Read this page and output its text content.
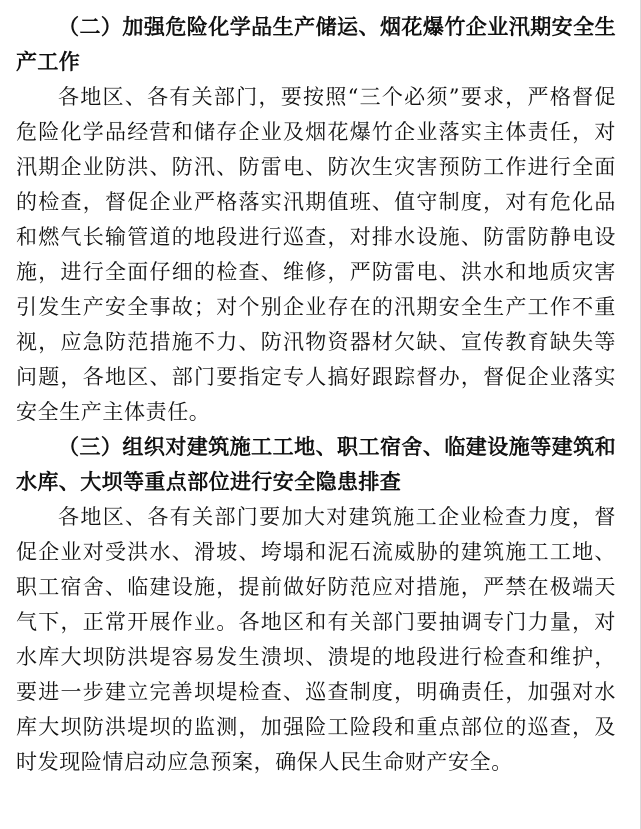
（二）加强危险化学品生产储运、烟花爆竹企业汛期安全生产工作

各地区、各有关部门，要按照“三个必须”要求，严格督促危险化学品经营和储存企业及烟花爆竹企业落实主体责任，对汛期企业防洪、防汛、防雷电、防次生灾害预防工作进行全面的检查，督促企业严格落实汛期值班、值守制度，对有危化品和燃气长输管道的地段进行巡查，对排水设施、防雷防静电设施，进行全面仔细的检查、维修，严防雷电、洪水和地质灾害引发生产安全事故；对个别企业存在的汛期安全生产工作不重视，应急防范措施不力、防汛物资器材欠缺、宣传教育缺失等问题，各地区、部门要指定专人搞好跟踪督办，督促企业落实安全生产主体责任。

（三）组织对建筑施工工地、职工宿舍、临建设施等建筑和水库、大坝等重点部位进行安全隐患排查

各地区、各有关部门要加大对建筑施工企业检查力度，督促企业对受洪水、滑坡、垮塌和泥石流威胁的建筑施工工地、职工宿舍、临建设施，提前做好防范应对措施，严禁在极端天气下，正常开展作业。各地区和有关部门要抽调专门力量，对水库大坝防洪堤容易发生溃坝、溃堤的地段进行检查和维护，要进一步建立完善坝堤检查、巡查制度，明确责任，加强对水库大坝防洪堤坝的监测，加强险工险段和重点部位的巡查，及时发现险情启动应急预案，确保人民生命财产安全。
